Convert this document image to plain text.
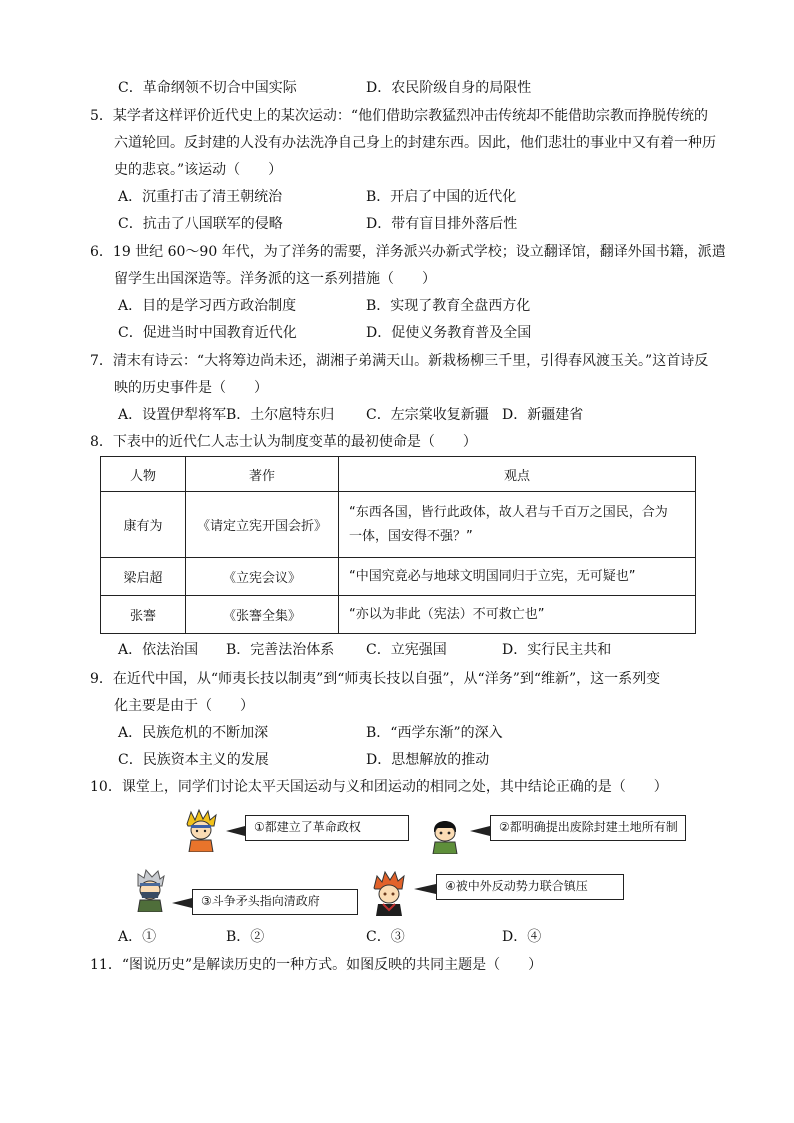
C．革命纲领不切合中国实际	D．农民阶级自身的局限性
5．某学者这样评价近代史上的某次运动：“他们借助宗教猛烈冲击传统却不能借助宗教而挣脱传统的
六道轮回。反封建的人没有办法洗净自己身上的封建东西。因此，他们悲壮的事业中又有着一种历
史的悲哀。”该运动（　　）
A．沉重打击了清王朝统治	B．开启了中国的近代化
C．抗击了八国联军的侵略	D．带有盲目排外落后性
6．19 世纪 60～90 年代，为了洋务的需要，洋务派兴办新式学校；设立翻译馆，翻译外国书籍，派遣
留学生出国深造等。洋务派的这一系列措施（　　）
A．目的是学习西方政治制度	B．实现了教育全盘西方化
C．促进当时中国教育近代化	D．促使义务教育普及全国
7．清末有诗云：“大将筹边尚未还，湖湘子弟满天山。新栽杨柳三千里，引得春风渡玉关。”这首诗反
映的历史事件是（　　）
A．设置伊犁将军 B．土尔扈特东归 C．左宗棠收复新疆 D．新疆建省
8．下表中的近代仁人志士认为制度变革的最初使命是（　　）
人物	著作	观点
康有为	《请定立宪开国会折》	“东西各国，皆行此政体，故人君与千百万之国民，合为
一体，国安得不强？”

梁启超	《立宪会议》	“中国究竟必与地球文明国同归于立宪，无可疑也”
张謇	《张謇全集》	“亦以为非此（宪法）不可救亡也”
A．依法治国 B．完善法治体系 C．立宪强国	D．实行民主共和
9．在近代中国，从“师夷长技以制夷”到“师夷长技以自强”，从“洋务”到“维新”，这一系列变
化主要是由于（　　）
A．民族危机的不断加深	B．“西学东渐”的深入
C．民族资本主义的发展	D．思想解放的推动
10．课堂上，同学们讨论太平天国运动与义和团运动的相同之处，其中结论正确的是（　　）
①都建立了革命政权	②都明确提出废除封建土地所有制
③斗争矛头指向清政府
④被中外反动势力联合镇压
A．①	B．②	C．③	D．④
11．“图说历史”是解读历史的一种方式。如图反映的共同主题是（　　）
